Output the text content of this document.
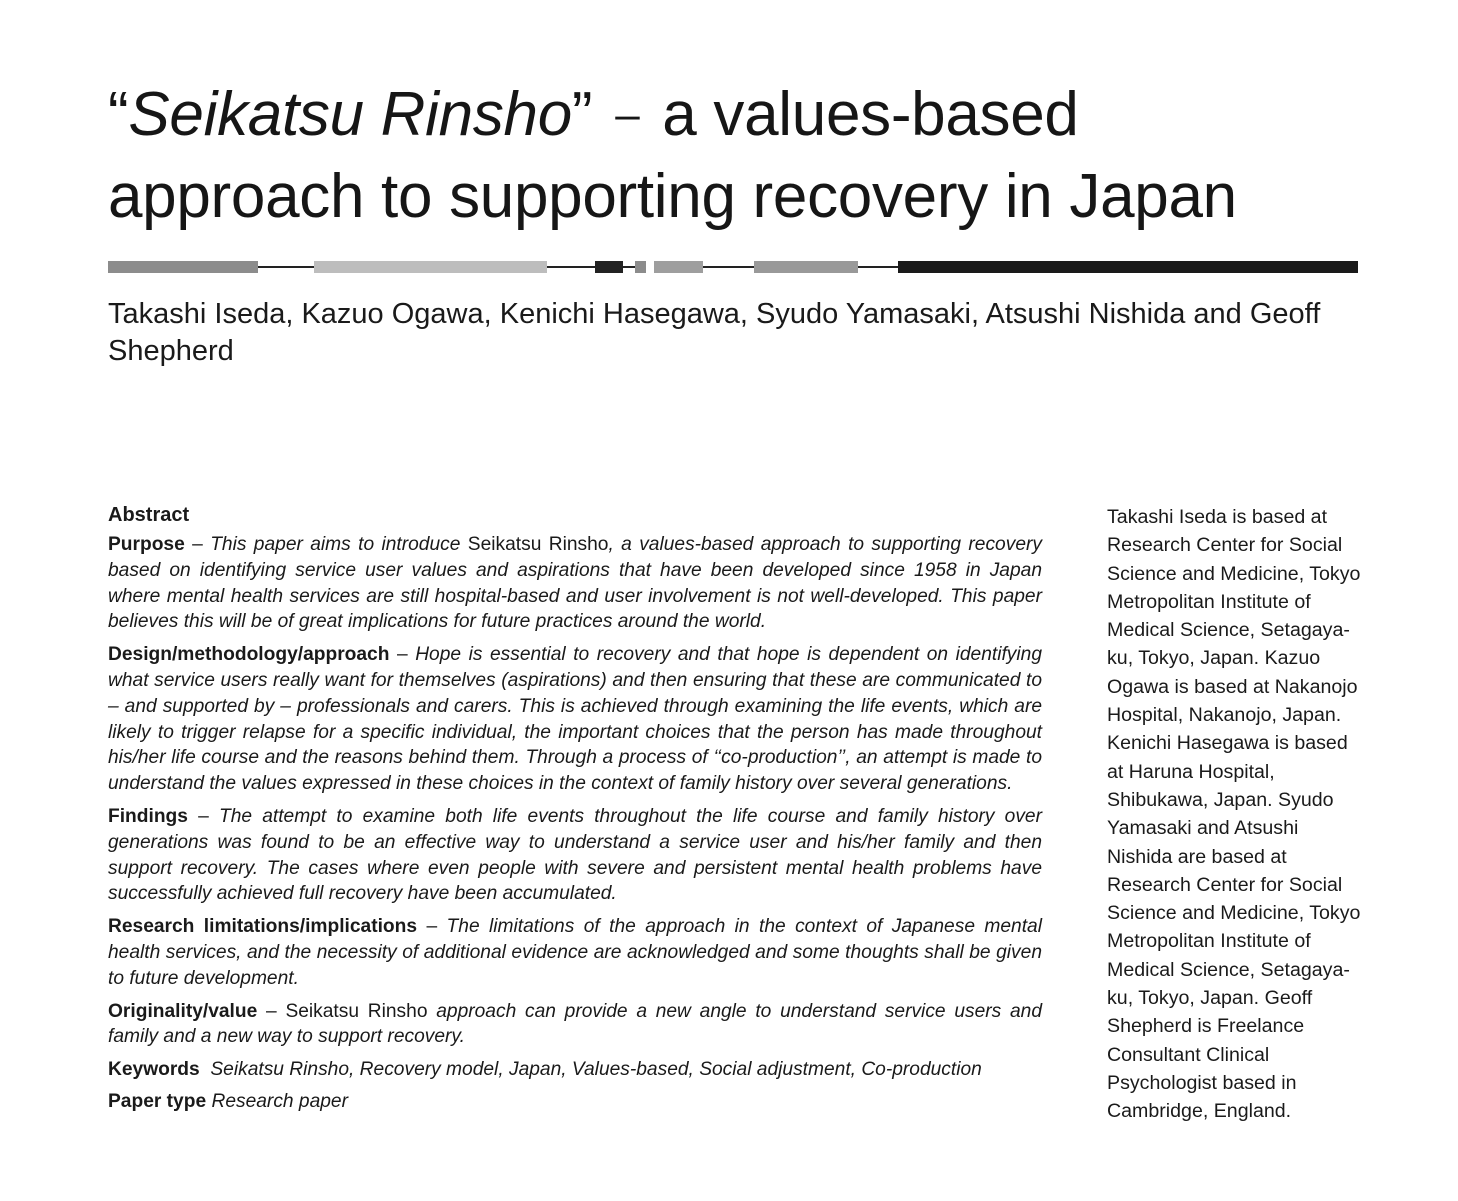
“Seikatsu Rinsho” – a values-based
approach to supporting recovery in Japan

Takashi Iseda, Kazuo Ogawa, Kenichi Hasegawa, Syudo Yamasaki, Atsushi Nishida and Geoff Shepherd

Abstract

Purpose – This paper aims to introduce Seikatsu Rinsho, a values-based approach to supporting recovery based on identifying service user values and aspirations that have been developed since 1958 in Japan where mental health services are still hospital-based and user involvement is not well-developed. This paper believes this will be of great implications for future practices around the world.

Design/methodology/approach – Hope is essential to recovery and that hope is dependent on identifying what service users really want for themselves (aspirations) and then ensuring that these are communicated to – and supported by – professionals and carers. This is achieved through examining the life events, which are likely to trigger relapse for a specific individual, the important choices that the person has made throughout his/her life course and the reasons behind them. Through a process of ‘‘co-production’’, an attempt is made to understand the values expressed in these choices in the context of family history over several generations.

Findings – The attempt to examine both life events throughout the life course and family history over generations was found to be an effective way to understand a service user and his/her family and then support recovery. The cases where even people with severe and persistent mental health problems have successfully achieved full recovery have been accumulated.

Research limitations/implications – The limitations of the approach in the context of Japanese mental health services, and the necessity of additional evidence are acknowledged and some thoughts shall be given to future development.

Originality/value – Seikatsu Rinsho approach can provide a new angle to understand service users and family and a new way to support recovery.

Keywords Seikatsu Rinsho, Recovery model, Japan, Values-based, Social adjustment, Co-production

Paper type Research paper

Takashi Iseda is based at Research Center for Social Science and Medicine, Tokyo Metropolitan Institute of Medical Science, Setagaya-ku, Tokyo, Japan. Kazuo Ogawa is based at Nakanojo Hospital, Nakanojo, Japan. Kenichi Hasegawa is based at Haruna Hospital, Shibukawa, Japan. Syudo Yamasaki and Atsushi Nishida are based at Research Center for Social Science and Medicine, Tokyo Metropolitan Institute of Medical Science, Setagaya-ku, Tokyo, Japan. Geoff Shepherd is Freelance Consultant Clinical Psychologist based in Cambridge, England.
